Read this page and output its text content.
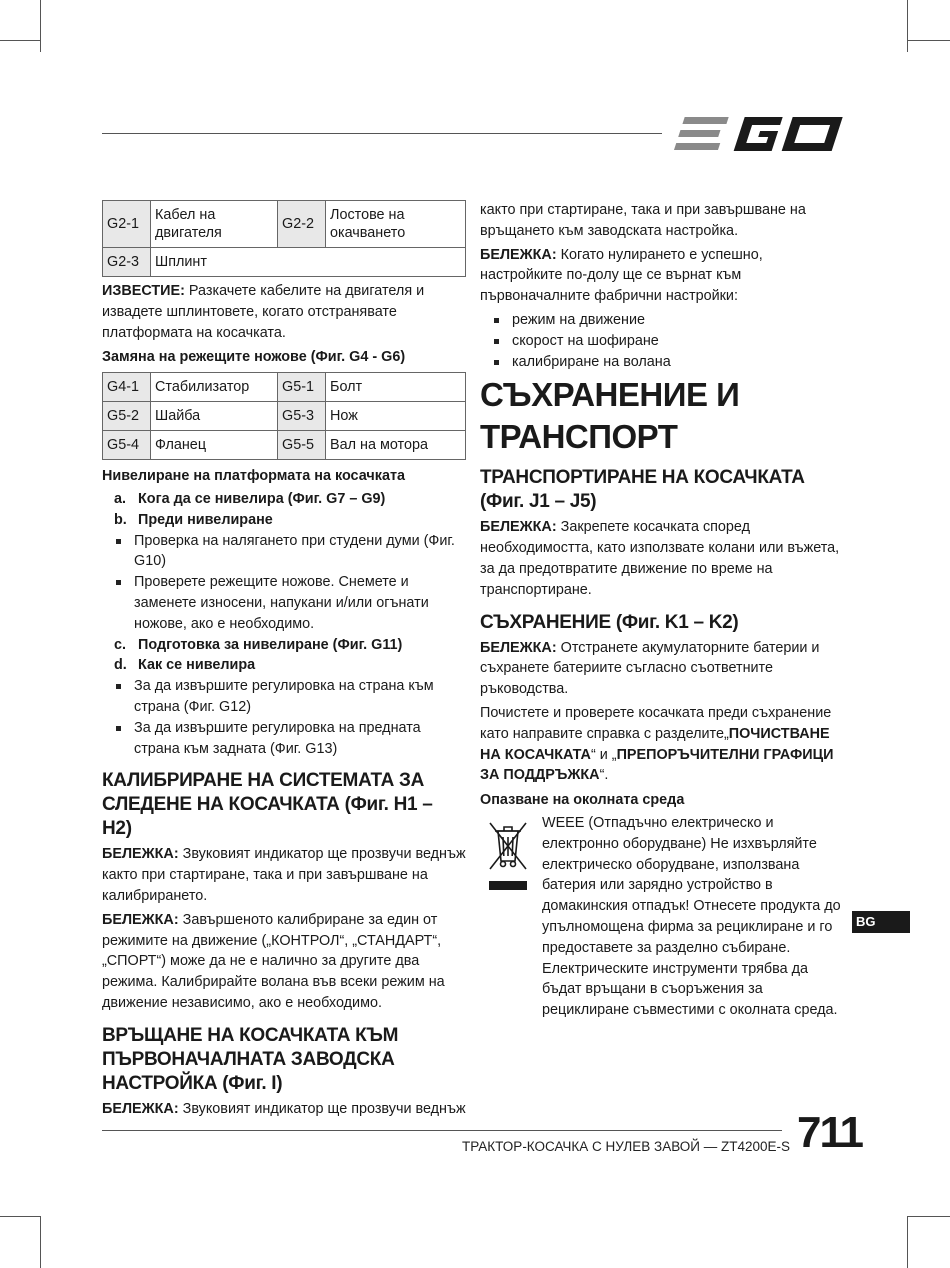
G2-1	Кабел на двигателя	G2-2	Лостове на окачването
G2-3	Шплинт		

ИЗВЕСТИЕ: Разкачете кабелите на двигателя и извадете шплинтовете, когато отстранявате платформата на косачката.

Замяна на режещите ножове (Фиг. G4 - G6)
G4-1	Стабилизатор	G5-1	Болт
G5-2	Шайба	G5-3	Нож
G5-4	Фланец	G5-5	Вал на мотора
Нивелиране на платформата на косачката
a. Кога да се нивелира (Фиг. G7 – G9)
b. Преди нивелиране
Проверка на налягането при студени думи (Фиг. G10)
Проверете режещите ножове. Снемете и заменете износени, напукани и/или огънати ножове, ако е необходимо.
c. Подготовка за нивелиране (Фиг. G11)
d. Как се нивелира
За да извършите регулировка на страна към страна (Фиг. G12)
За да извършите регулировка на предната страна към задната (Фиг. G13)
КАЛИБРИРАНЕ НА СИСТЕМАТА ЗА СЛЕДЕНЕ НА КОСАЧКАТА (Фиг. H1 – H2)

БЕЛЕЖКА: Звуковият индикатор ще прозвучи веднъж както при стартиране, така и при завършване на калибрирането.

БЕЛЕЖКА: Завършеното калибриране за един от режимите на движение („КОНТРОЛ“, „СТАНДАРТ“, „СПОРТ“) може да не е налично за другите два режима. Калибрирайте волана във всеки режим на движение независимо, ако е необходимо.

ВРЪЩАНЕ НА КОСАЧКАТА КЪМ ПЪРВОНАЧАЛНАТА ЗАВОДСКА НАСТРОЙКА (Фиг. I)

БЕЛЕЖКА: Звуковият индикатор ще прозвучи веднъж

както при стартиране, така и при завършване на връщането към заводската настройка.

БЕЛЕЖКА: Когато нулирането е успешно, настройките по-долу ще се върнат към първоначалните фабрични настройки:

режим на движение
скорост на шофиране
калибриране на волана
СЪХРАНЕНИЕ И ТРАНСПОРТ
ТРАНСПОРТИРАНЕ НА КОСАЧКАТА (Фиг. J1 – J5)

БЕЛЕЖКА: Закрепете косачката според необходимостта, като използвате колани или въжета, за да предотвратите движение по време на транспортиране.

СЪХРАНЕНИЕ (Фиг. K1 – K2)

БЕЛЕЖКА: Отстранете акумулаторните батерии и съхранете батериите съгласно съответните ръководства.

Почистете и проверете косачката преди съхранение като направите справка с разделите„ПОЧИСТВАНЕ НА КОСАЧКАТА“ и „ПРЕПОРЪЧИТЕЛНИ ГРАФИЦИ ЗА ПОДДРЪЖКА“.

Опазване на околната среда
WEEE (Отпадъчно електрическо и електронно оборудване) Не изхвърляйте електрическо оборудване, използвана батерия или зарядно устройство в домакинския отпадък! Отнесете продукта до упълномощена фирма за рециклиране и го предоставете за разделно събиране. Електрическите инструменти трябва да бъдат връщани в съоръжения за рециклиране съвместими с околната среда.
BG
ТРАКТОР-КОСАЧКА С НУЛЕВ ЗАВОЙ — ZT4200E-S 711
